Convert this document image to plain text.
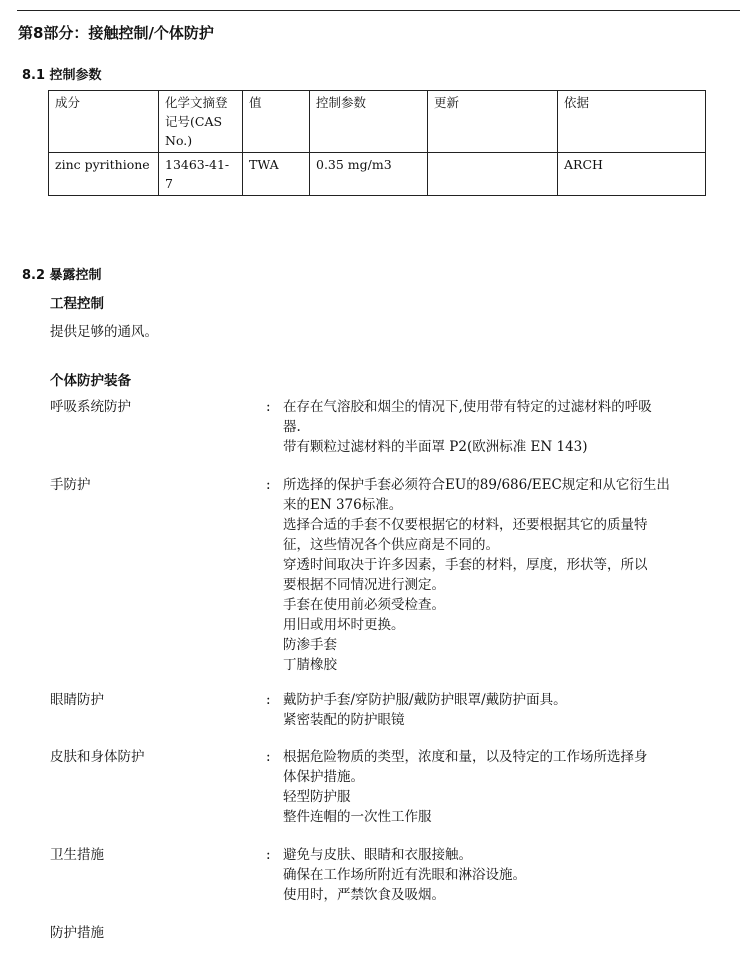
第8部分：接触控制/个体防护
8.1 控制参数
成分	化学文摘登记号(CAS No.)	值	控制参数	更新	依据
zinc pyrithione	13463-41-7	TWA	0.35 mg/m3		ARCH
8.2 暴露控制
工程控制
提供足够的通风。
个体防护装备
呼吸系统防护	: 在存在气溶胶和烟尘的情况下,使用带有特定的过滤材料的呼吸
器.
带有颗粒过滤材料的半面罩 P2(欧洲标准 EN 143)
手防护	: 所选择的保护手套必须符合EU的89/686/EEC规定和从它衍生出
来的EN 376标准。
选择合适的手套不仅要根据它的材料，还要根据其它的质量特
征，这些情况各个供应商是不同的。
穿透时间取决于许多因素，手套的材料，厚度，形状等，所以
要根据不同情况进行测定。
手套在使用前必须受检查。
用旧或用坏时更换。
防渗手套
丁腈橡胶
眼睛防护	: 戴防护手套/穿防护服/戴防护眼罩/戴防护面具。
紧密装配的防护眼镜
皮肤和身体防护	: 根据危险物质的类型，浓度和量，以及特定的工作场所选择身
体保护措施。
轻型防护服
整件连帽的一次性工作服
卫生措施	: 避免与皮肤、眼睛和衣服接触。
确保在工作场所附近有洗眼和淋浴设施。
使用时，严禁饮食及吸烟。
防护措施
